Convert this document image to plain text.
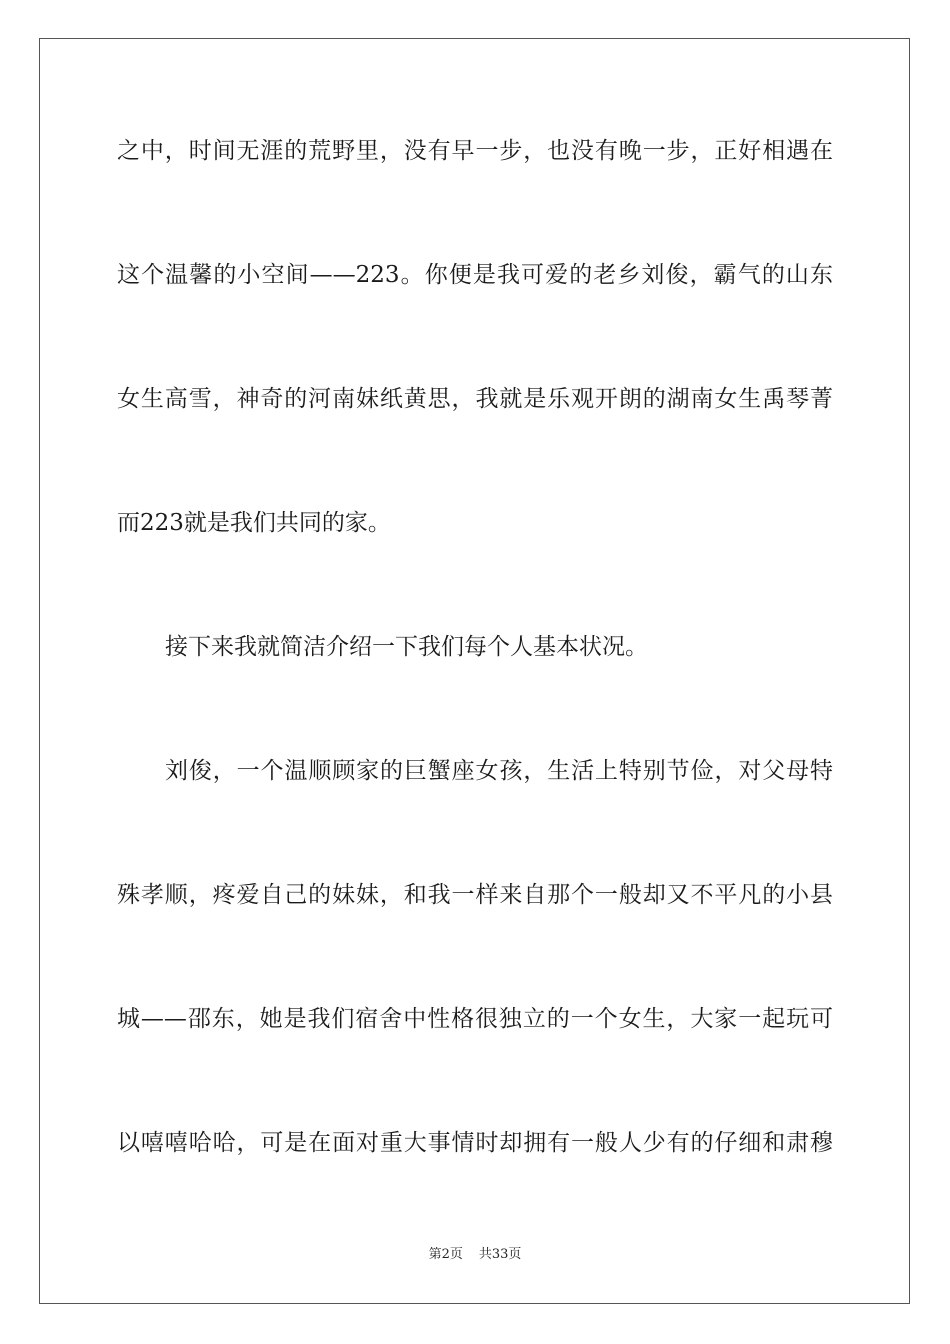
之中，时间无涯的荒野里，没有早一步，也没有晚一步，正好相遇在
这个温馨的小空间——223。你便是我可爱的老乡刘俊，霸气的山东
女生高雪，神奇的河南妹纸黄思，我就是乐观开朗的湖南女生禹琴菁
而223就是我们共同的家。
接下来我就简洁介绍一下我们每个人基本状况。
刘俊，一个温顺顾家的巨蟹座女孩，生活上特别节俭，对父母特
殊孝顺，疼爱自己的妹妹，和我一样来自那个一般却又不平凡的小县
城——邵东，她是我们宿舍中性格很独立的一个女生，大家一起玩可
以嘻嘻哈哈，可是在面对重大事情时却拥有一般人少有的仔细和肃穆
第2页 共33页
